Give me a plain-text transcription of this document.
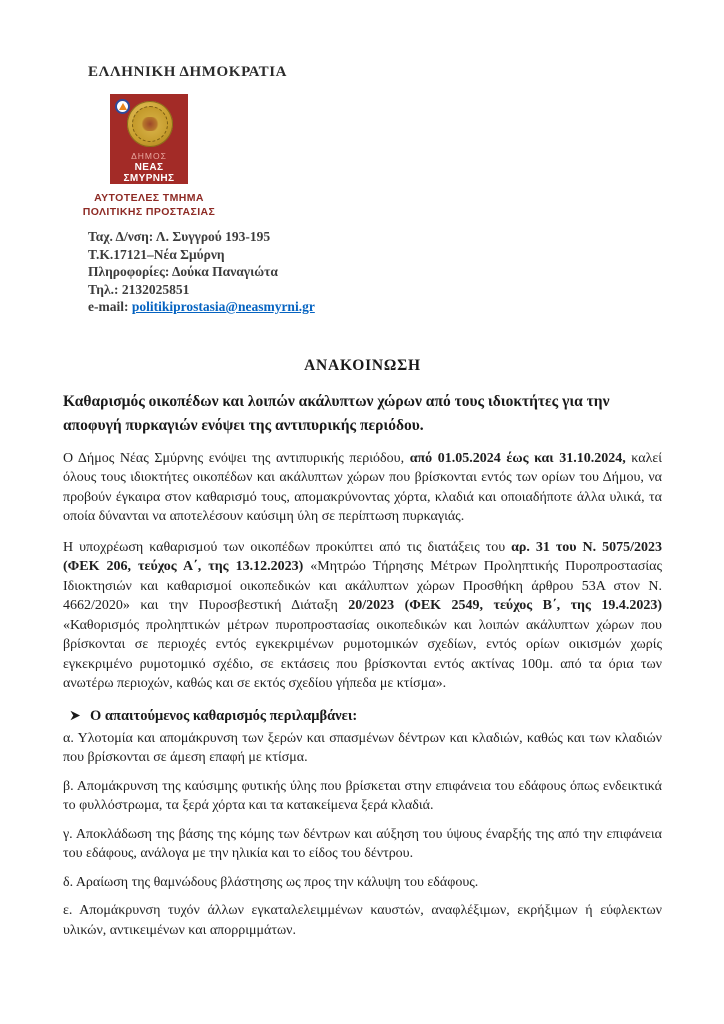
ΕΛΛΗΝΙΚΗ ΔΗΜΟΚΡΑΤΙΑ
ΔΗΜΟΣ
ΝΕΑΣ ΣΜΥΡΝΗΣ
ΑΥΤΟΤΕΛΕΣ ΤΜΗΜΑ
ΠΟΛΙΤΙΚΗΣ ΠΡΟΣΤΑΣΙΑΣ
Ταχ. Δ/νση: Λ. Συγγρού 193-195
Τ.Κ.17121–Νέα Σμύρνη
Πληροφορίες: Δούκα Παναγιώτα
Τηλ.: 2132025851
e-mail: politikiprostasia@neasmyrni.gr
ΑΝΑΚΟΙΝΩΣΗ
Καθαρισμός οικοπέδων και λοιπών ακάλυπτων χώρων από τους ιδιοκτήτες για την αποφυγή πυρκαγιών ενόψει της αντιπυρικής περιόδου.
Ο Δήμος Νέας Σμύρνης ενόψει της αντιπυρικής περιόδου, από 01.05.2024 έως και 31.10.2024, καλεί όλους τους ιδιοκτήτες οικοπέδων και ακάλυπτων χώρων που βρίσκονται εντός των ορίων του Δήμου, να προβούν έγκαιρα στον καθαρισμό τους, απομακρύνοντας χόρτα, κλαδιά και οποιαδήποτε άλλα υλικά, τα οποία δύνανται να αποτελέσουν καύσιμη ύλη σε περίπτωση πυρκαγιάς.
Η υποχρέωση καθαρισμού των οικοπέδων προκύπτει από τις διατάξεις του αρ. 31 του Ν. 5075/2023 (ΦΕΚ 206, τεύχος Α΄, της 13.12.2023) «Μητρώο Τήρησης Μέτρων Προληπτικής Πυροπροστασίας Ιδιοκτησιών και καθαρισμοί οικοπεδικών και ακάλυπτων χώρων Προσθήκη άρθρου 53Α στον Ν. 4662/2020» και την Πυροσβεστική Διάταξη 20/2023 (ΦΕΚ 2549, τεύχος Β΄, της 19.4.2023) «Καθορισμός προληπτικών μέτρων πυροπροστασίας οικοπεδικών και λοιπών ακάλυπτων χώρων που βρίσκονται σε περιοχές εντός εγκεκριμένων ρυμοτομικών σχεδίων, εντός ορίων οικισμών χωρίς εγκεκριμένο ρυμοτομικό σχέδιο, σε εκτάσεις που βρίσκονται εντός ακτίνας 100μ. από τα όρια των ανωτέρω περιοχών, καθώς και σε εκτός σχεδίου γήπεδα με κτίσμα».
Ο απαιτούμενος καθαρισμός περιλαμβάνει:
α. Υλοτομία και απομάκρυνση των ξερών και σπασμένων δέντρων και κλαδιών, καθώς και των κλαδιών που βρίσκονται σε άμεση επαφή με κτίσμα.
β. Απομάκρυνση της καύσιμης φυτικής ύλης που βρίσκεται στην επιφάνεια του εδάφους όπως ενδεικτικά το φυλλόστρωμα, τα ξερά χόρτα και τα κατακείμενα ξερά κλαδιά.
γ. Αποκλάδωση της βάσης της κόμης των δέντρων και αύξηση του ύψους έναρξής της από την επιφάνεια του εδάφους, ανάλογα με την ηλικία και το είδος του δέντρου.
δ. Αραίωση της θαμνώδους βλάστησης ως προς την κάλυψη του εδάφους.
ε. Απομάκρυνση τυχόν άλλων εγκαταλελειμμένων καυστών, αναφλέξιμων, εκρήξιμων ή εύφλεκτων υλικών, αντικειμένων και απορριμμάτων.
